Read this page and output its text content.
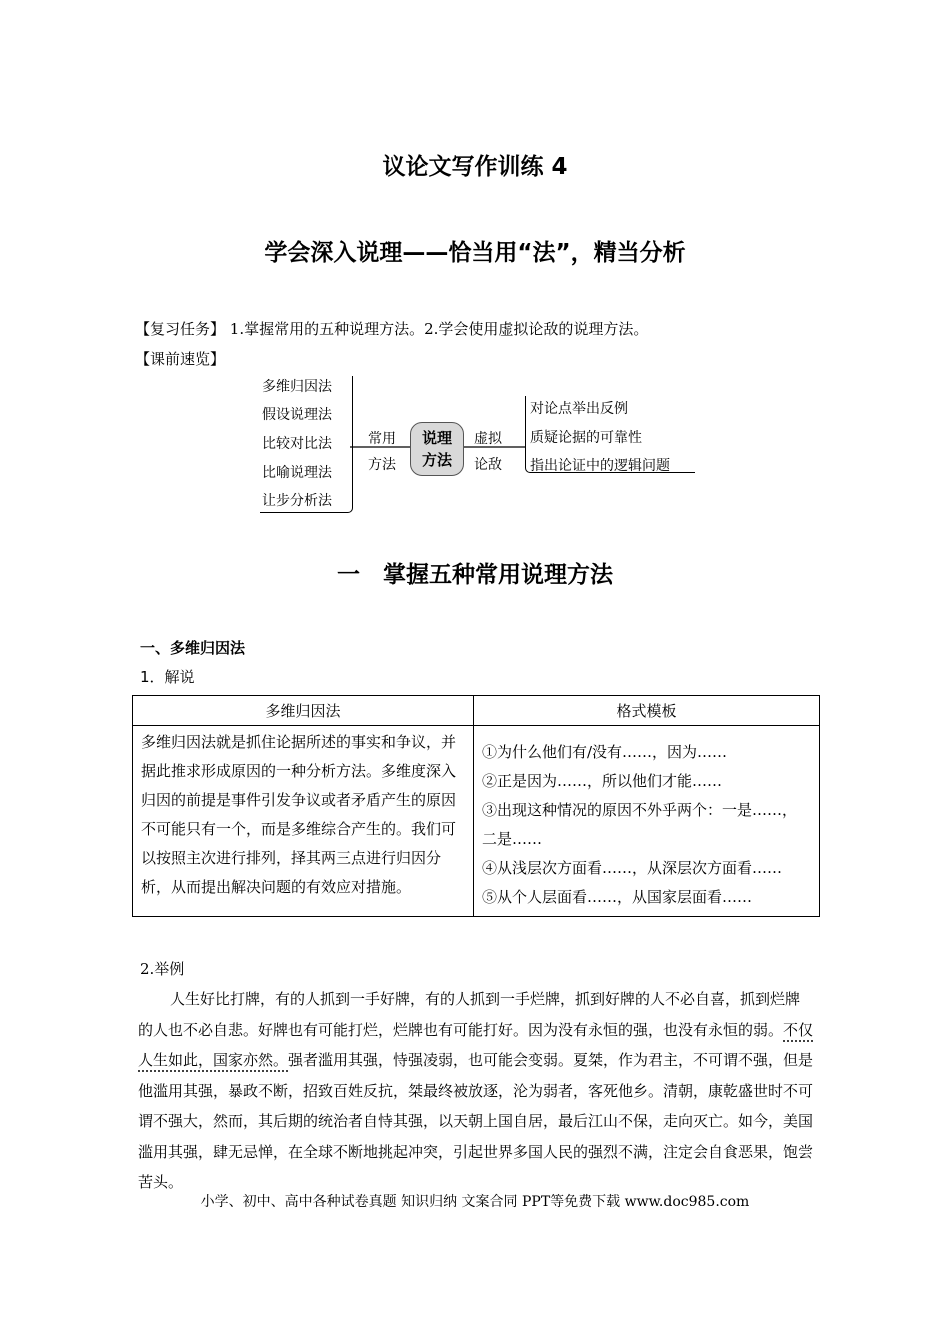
议论文写作训练 4
学会深入说理——恰当用“法”，精当分析
【复习任务】 1.掌握常用的五种说理方法。2.学会使用虚拟论敌的说理方法。
【课前速览】
多维归因法
假设说理法
比较对比法
比喻说理法
让步分析法
常用
方法
说理
方法
虚拟
论敌
对论点举出反例
质疑论据的可靠性
指出论证中的逻辑问题
一　掌握五种常用说理方法
一、多维归因法
1．解说
多维归因法	格式模板
多维归因法就是抓住论据所述的事实和争议，并据此推求形成原因的一种分析方法。多维度深入归因的前提是事件引发争议或者矛盾产生的原因不可能只有一个，而是多维综合产生的。我们可以按照主次进行排列，择其两三点进行归因分析，从而提出解决问题的有效应对措施。	①为什么他们有/没有……，因为……
②正是因为……，所以他们才能……
③出现这种情况的原因不外乎两个：一是……，二是……
④从浅层次方面看……，从深层次方面看……
⑤从个人层面看……，从国家层面看……
2.举例
人生好比打牌，有的人抓到一手好牌，有的人抓到一手烂牌，抓到好牌的人不必自喜，抓到烂牌的人也不必自悲。好牌也有可能打烂，烂牌也有可能打好。因为没有永恒的强，也没有永恒的弱。不仅人生如此，国家亦然。强者滥用其强，恃强凌弱，也可能会变弱。夏桀，作为君主，不可谓不强，但是他滥用其强，暴政不断，招致百姓反抗，桀最终被放逐，沦为弱者，客死他乡。清朝，康乾盛世时不可谓不强大，然而，其后期的统治者自恃其强，以天朝上国自居，最后江山不保，走向灭亡。如今，美国滥用其强，肆无忌惮，在全球不断地挑起冲突，引起世界多国人民的强烈不满，注定会自食恶果，饱尝苦头。
小学、初中、高中各种试卷真题 知识归纳 文案合同 PPT等免费下载 www.doc985.com
